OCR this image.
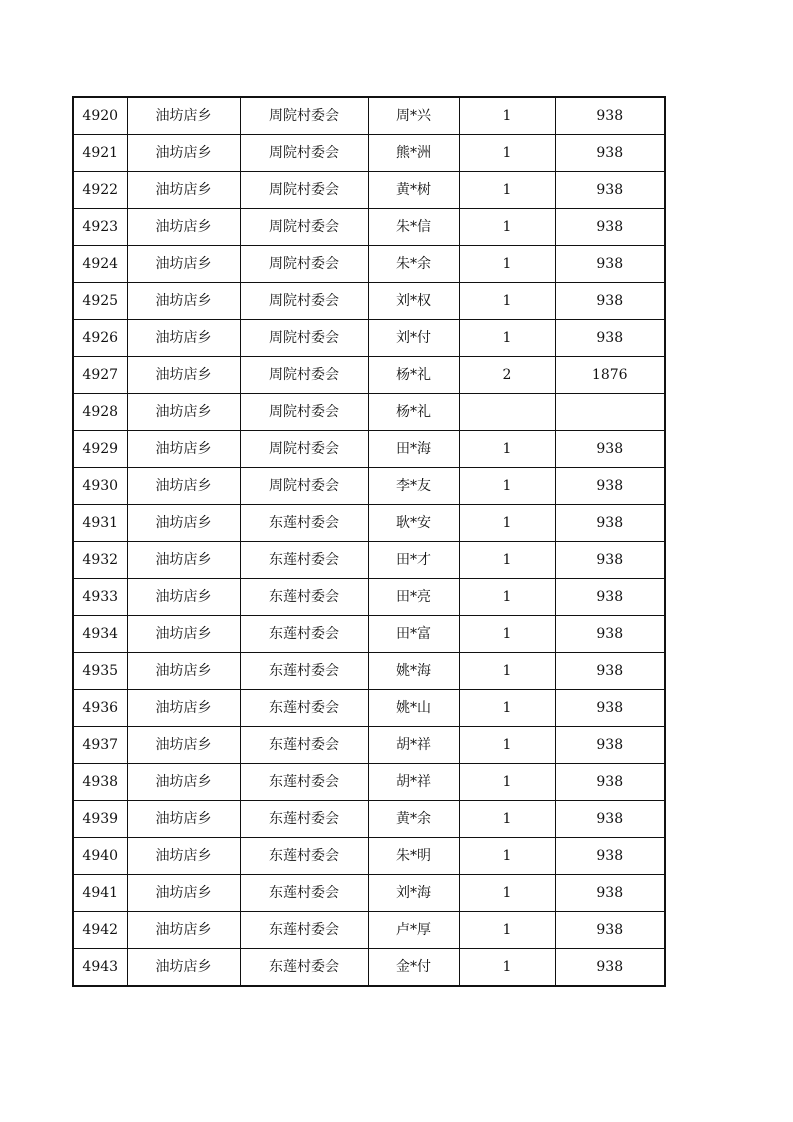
4920	油坊店乡	周院村委会	周*兴	1	938
4921	油坊店乡	周院村委会	熊*洲	1	938
4922	油坊店乡	周院村委会	黄*树	1	938
4923	油坊店乡	周院村委会	朱*信	1	938
4924	油坊店乡	周院村委会	朱*余	1	938
4925	油坊店乡	周院村委会	刘*权	1	938
4926	油坊店乡	周院村委会	刘*付	1	938
4927	油坊店乡	周院村委会	杨*礼	2	1876
4928	油坊店乡	周院村委会	杨*礼		
4929	油坊店乡	周院村委会	田*海	1	938
4930	油坊店乡	周院村委会	李*友	1	938
4931	油坊店乡	东莲村委会	耿*安	1	938
4932	油坊店乡	东莲村委会	田*才	1	938
4933	油坊店乡	东莲村委会	田*亮	1	938
4934	油坊店乡	东莲村委会	田*富	1	938
4935	油坊店乡	东莲村委会	姚*海	1	938
4936	油坊店乡	东莲村委会	姚*山	1	938
4937	油坊店乡	东莲村委会	胡*祥	1	938
4938	油坊店乡	东莲村委会	胡*祥	1	938
4939	油坊店乡	东莲村委会	黄*余	1	938
4940	油坊店乡	东莲村委会	朱*明	1	938
4941	油坊店乡	东莲村委会	刘*海	1	938
4942	油坊店乡	东莲村委会	卢*厚	1	938
4943	油坊店乡	东莲村委会	金*付	1	938
